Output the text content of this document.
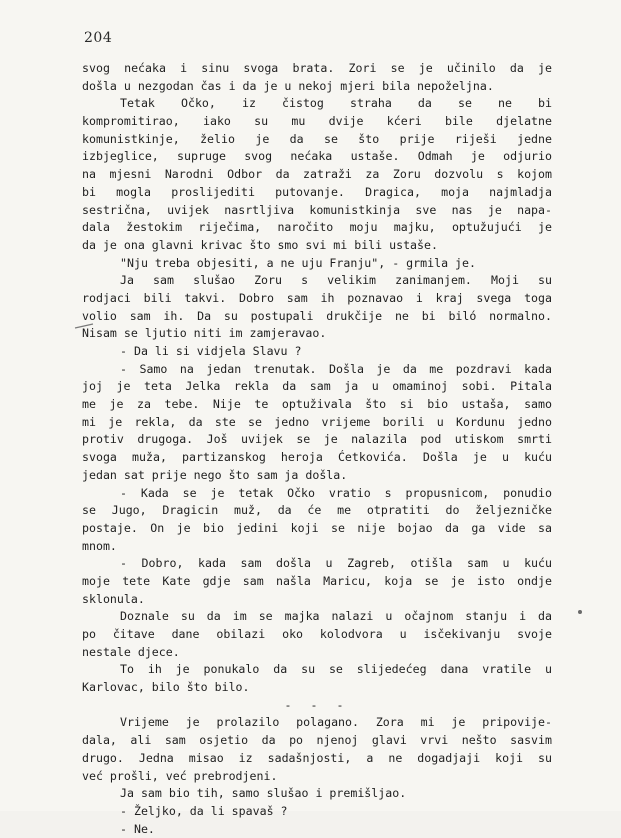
204
svog nećaka i sinu svoga brata. Zori se je učinilo da je
došla u nezgodan čas i da je u nekoj mjeri bila nepoželjna.
Tetak Očko, iz čistog straha da se ne bi
kompromitirao, iako su mu dvije kćeri bile djelatne
komunistkinje, želio je da se što prije riješi jedne
izbjeglice, supruge svog nećaka ustaše. Odmah je odjurio
na mjesni Narodni Odbor da zatraži za Zoru dozvolu s kojom
bi mogla proslijediti putovanje. Dragica, moja najmladja
sestrična, uvijek nasrtljiva komunistkinja sve nas je napa-
dala žestokim riječima, naročito moju majku, optužujući je
da je ona glavni krivac što smo svi mi bili ustaše.
"Nju treba objesiti, a ne uju Franju", - grmila je.
Ja sam slušao Zoru s velikim zanimanjem. Moji su
rodjaci bili takvi. Dobro sam ih poznavao i kraj svega toga
volio sam ih. Da su postupali drukčije ne bi biló normalno.
Nisam se ljutio niti im zamjeravao.
- Da li si vidjela Slavu ?
- Samo na jedan trenutak. Došla je da me pozdravi kada
joj je teta Jelka rekla da sam ja u omaminoj sobi. Pitala
me je za tebe. Nije te optuživala što si bio ustaša, samo
mi je rekla, da ste se jedno vrijeme borili u Kordunu jedno
protiv drugoga. Još uvijek se je nalazila pod utiskom smrti
svoga muža, partizanskog heroja Ćetkovića. Došla je u kuću
jedan sat prije nego što sam ja došla.
- Kada se je tetak Očko vratio s propusnicom, ponudio
se Jugo, Dragicin muž, da će me otpratiti do željezničke
postaje. On je bio jedini koji se nije bojao da ga vide sa
mnom.
- Dobro, kada sam došla u Zagreb, otišla sam u kuću
moje tete Kate gdje sam našla Maricu, koja se je isto ondje
sklonula.
Doznale su da im se majka nalazi u očajnom stanju i da
po čitave dane obilazi oko kolodvora u isčekivanju svoje
nestale djece.
To ih je ponukalo da su se slijedećeg dana vratile u
Karlovac, bilo što bilo.
- - -
Vrijeme je prolazilo polagano. Zora mi je pripovije-
dala, ali sam osjetio da po njenoj glavi vrvi nešto sasvim
drugo. Jedna misao iz sadašnjosti, a ne dogadjaji koji su
već prošli, već prebrodjeni.
Ja sam bio tih, samo slušao i premišljao.
- Željko, da li spavaš ?
- Ne.
